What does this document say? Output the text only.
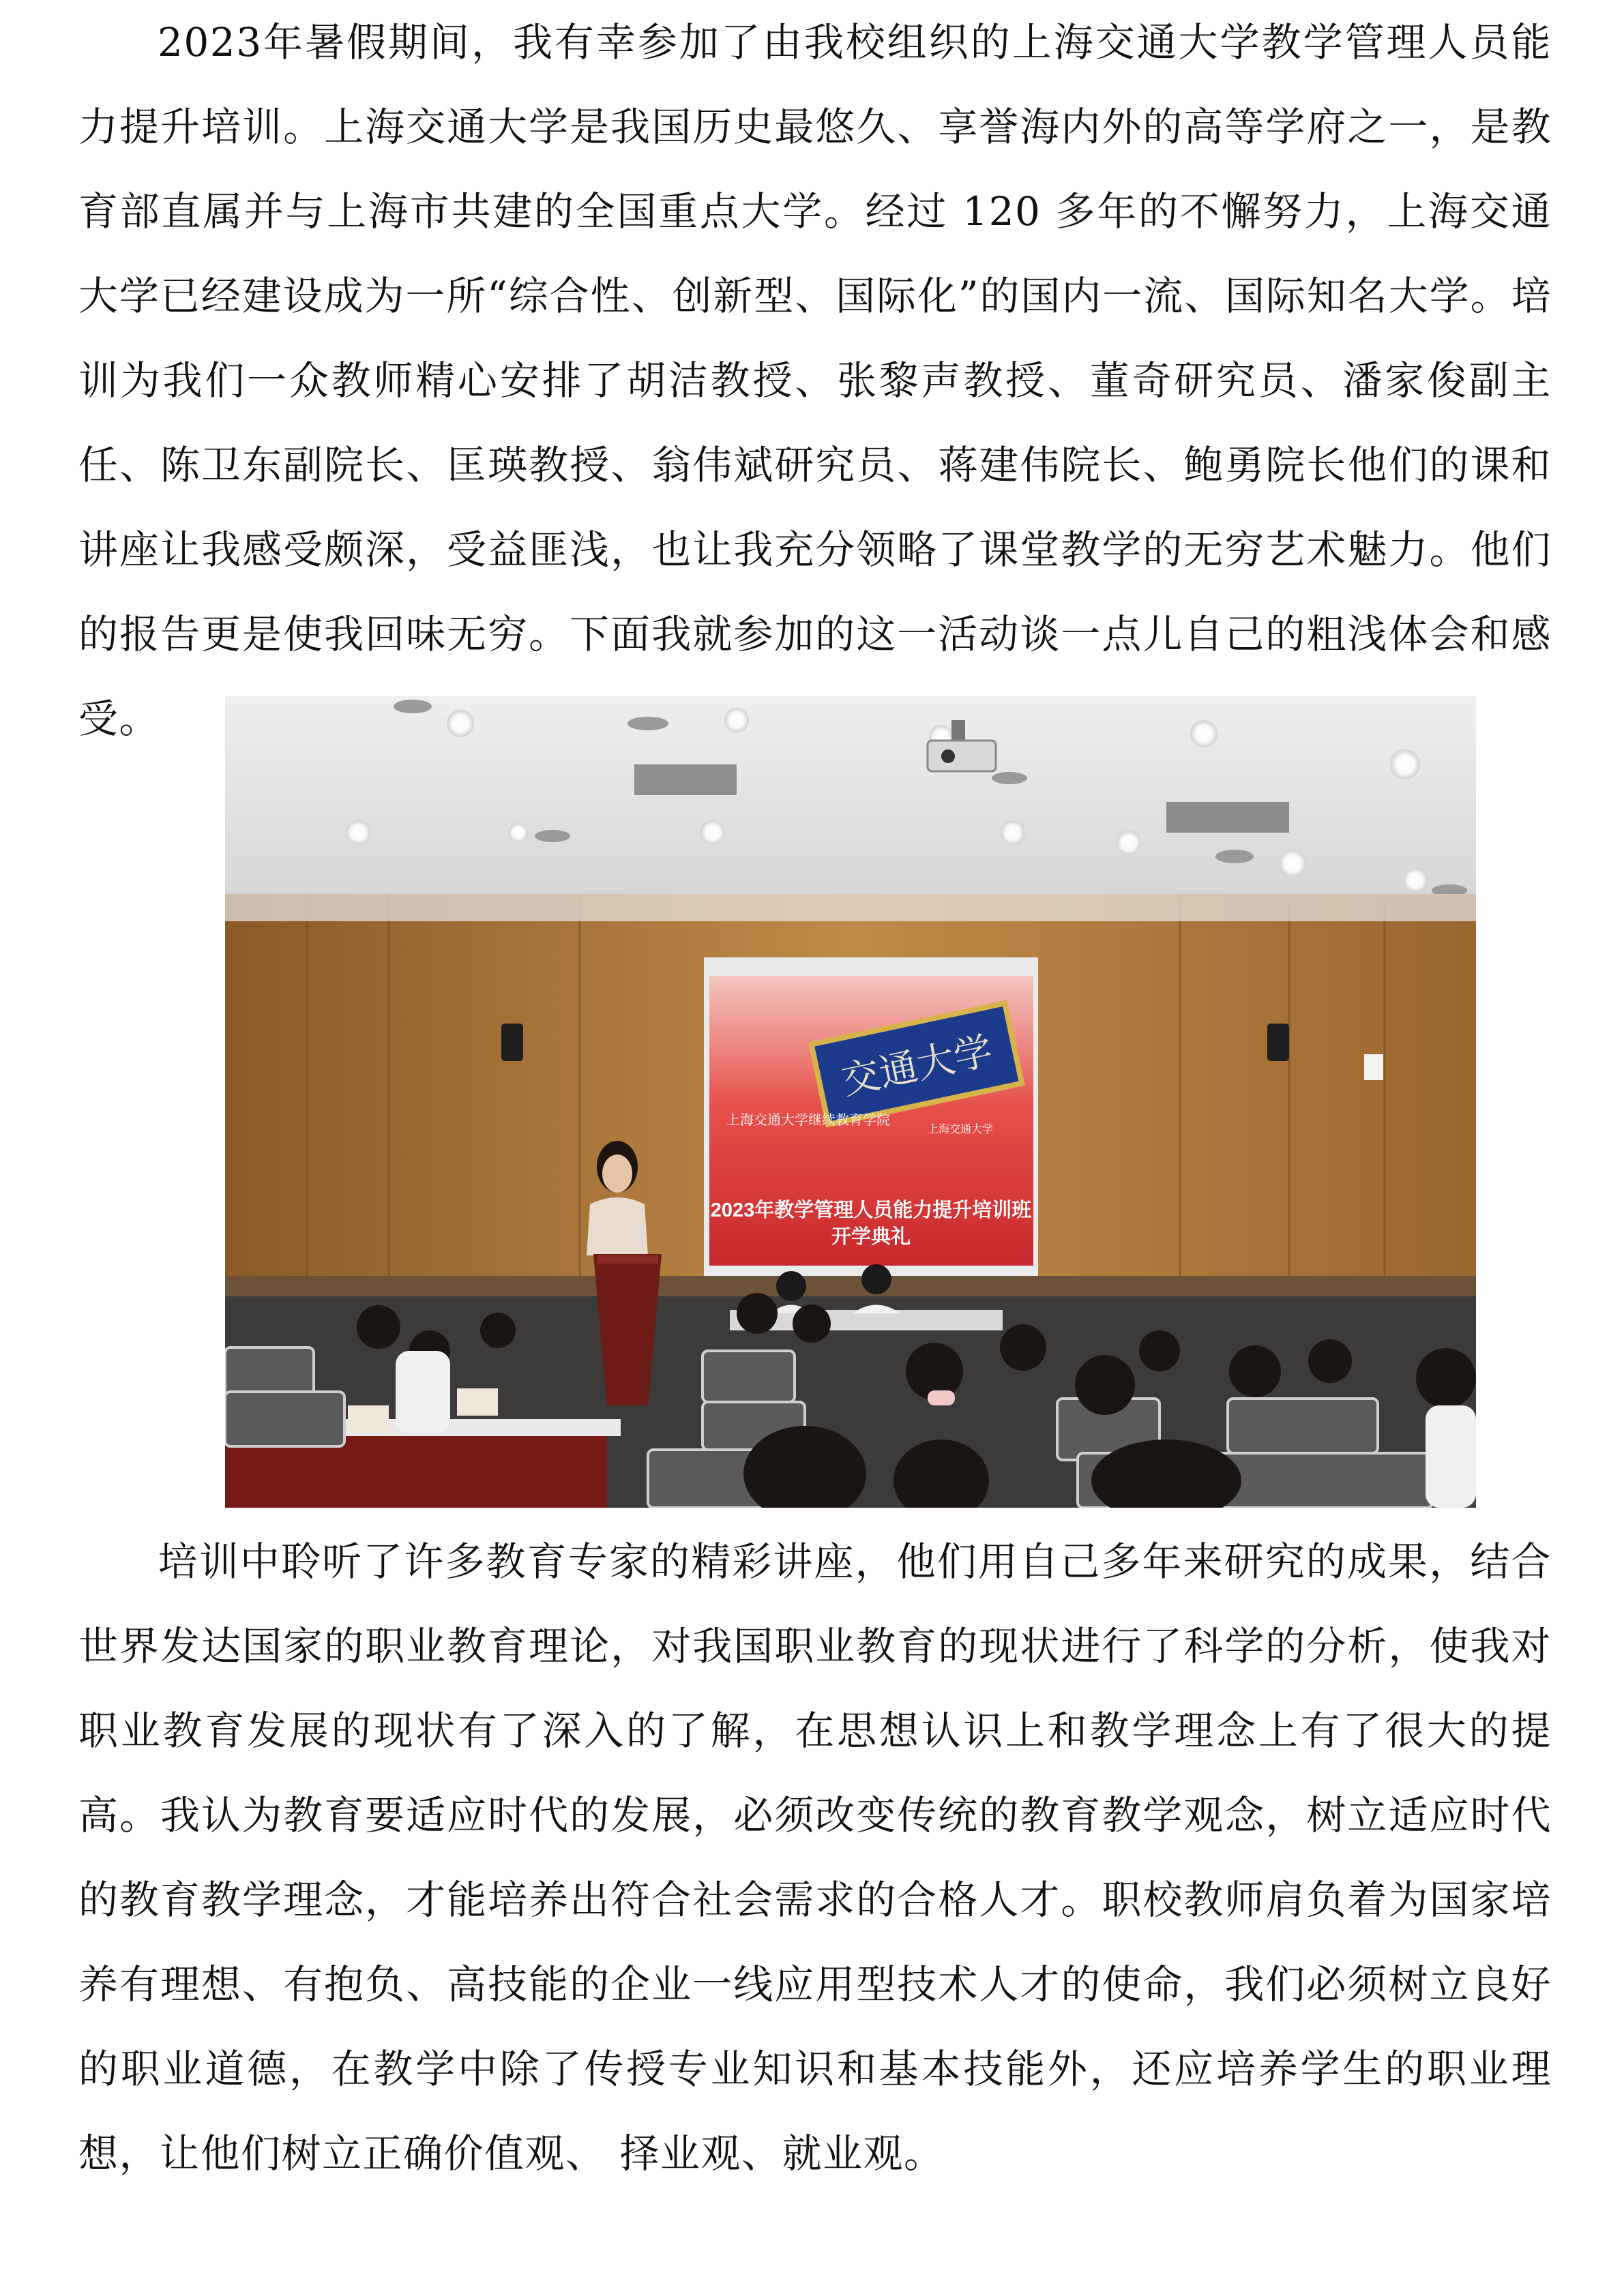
2023年暑假期间，我有幸参加了由我校组织的上海交通大学教学管理人员能力提升培训。上海交通大学是我国历史最悠久、享誉海内外的高等学府之一，是教育部直属并与上海市共建的全国重点大学。经过 120 多年的不懈努力，上海交通大学已经建设成为一所“综合性、创新型、国际化”的国内一流、国际知名大学。培训为我们一众教师精心安排了胡洁教授、张黎声教授、董奇研究员、潘家俊副主任、陈卫东副院长、匡瑛教授、翁伟斌研究员、蒋建伟院长、鲍勇院长他们的课和讲座让我感受颇深，受益匪浅，也让我充分领略了课堂教学的无穷艺术魅力。他们的报告更是使我回味无穷。下面我就参加的这一活动谈一点儿自己的粗浅体会和感受。

交通大学
上海交通大学继续教育学院
上海交通大学
2023年教学管理人员能力提升培训班
开学典礼

培训中聆听了许多教育专家的精彩讲座，他们用自己多年来研究的成果，结合世界发达国家的职业教育理论，对我国职业教育的现状进行了科学的分析，使我对职业教育发展的现状有了深入的了解，在思想认识上和教学理念上有了很大的提高。我认为教育要适应时代的发展，必须改变传统的教育教学观念，树立适应时代的教育教学理念，才能培养出符合社会需求的合格人才。职校教师肩负着为国家培养有理想、有抱负、高技能的企业一线应用型技术人才的使命，我们必须树立良好的职业道德，在教学中除了传授专业知识和基本技能外，还应培养学生的职业理想，让他们树立正确价值观、 择业观、就业观。
